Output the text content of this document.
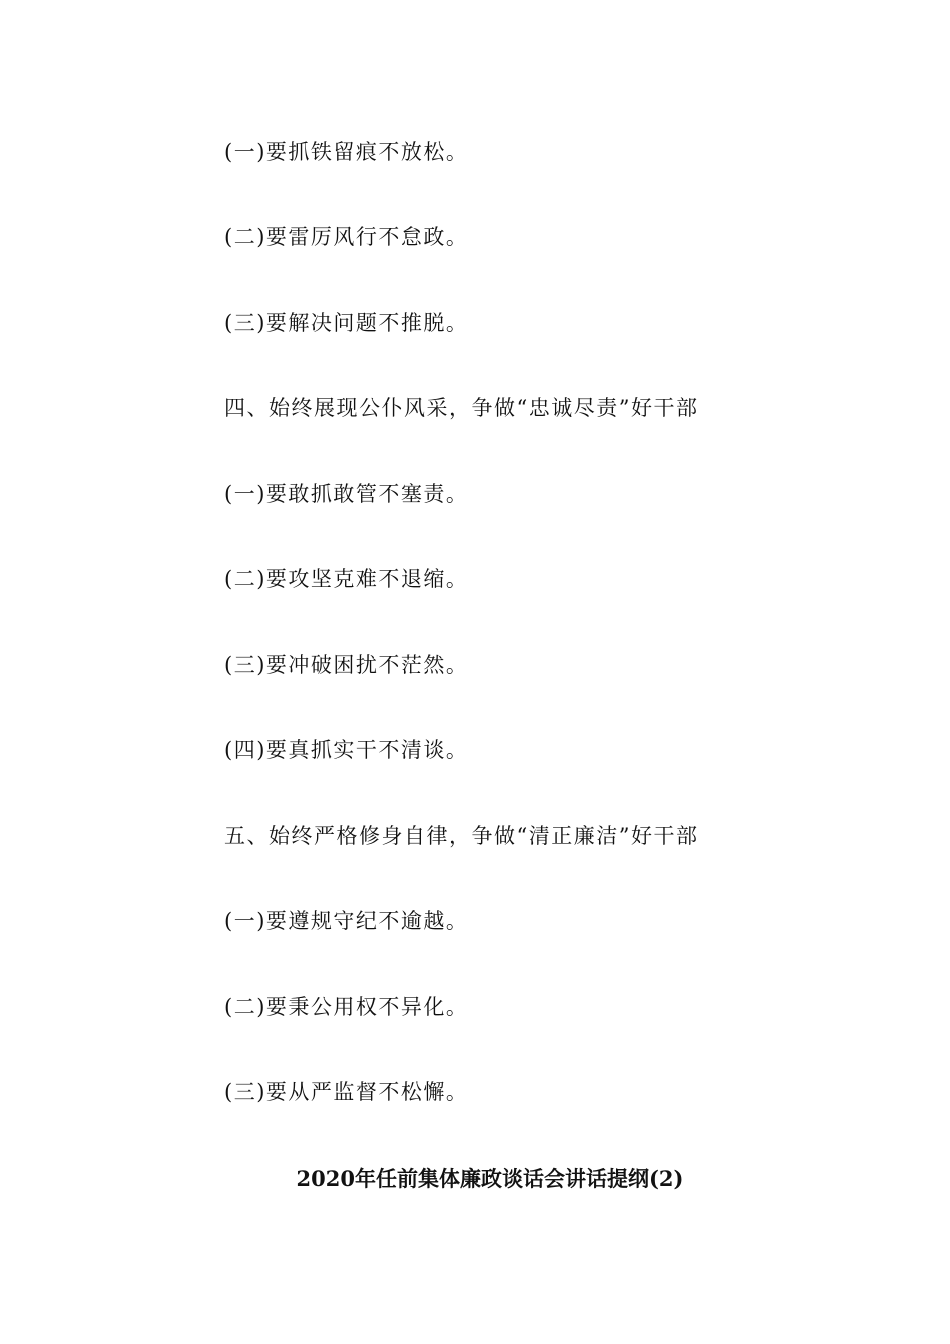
(一)要抓铁留痕不放松。
(二)要雷厉风行不怠政。
(三)要解决问题不推脱。
四、始终展现公仆风采，争做“忠诚尽责”好干部
(一)要敢抓敢管不塞责。
(二)要攻坚克难不退缩。
(三)要冲破困扰不茫然。
(四)要真抓实干不清谈。
五、始终严格修身自律，争做“清正廉洁”好干部
(一)要遵规守纪不逾越。
(二)要秉公用权不异化。
(三)要从严监督不松懈。
2020年任前集体廉政谈话会讲话提纲(2)
